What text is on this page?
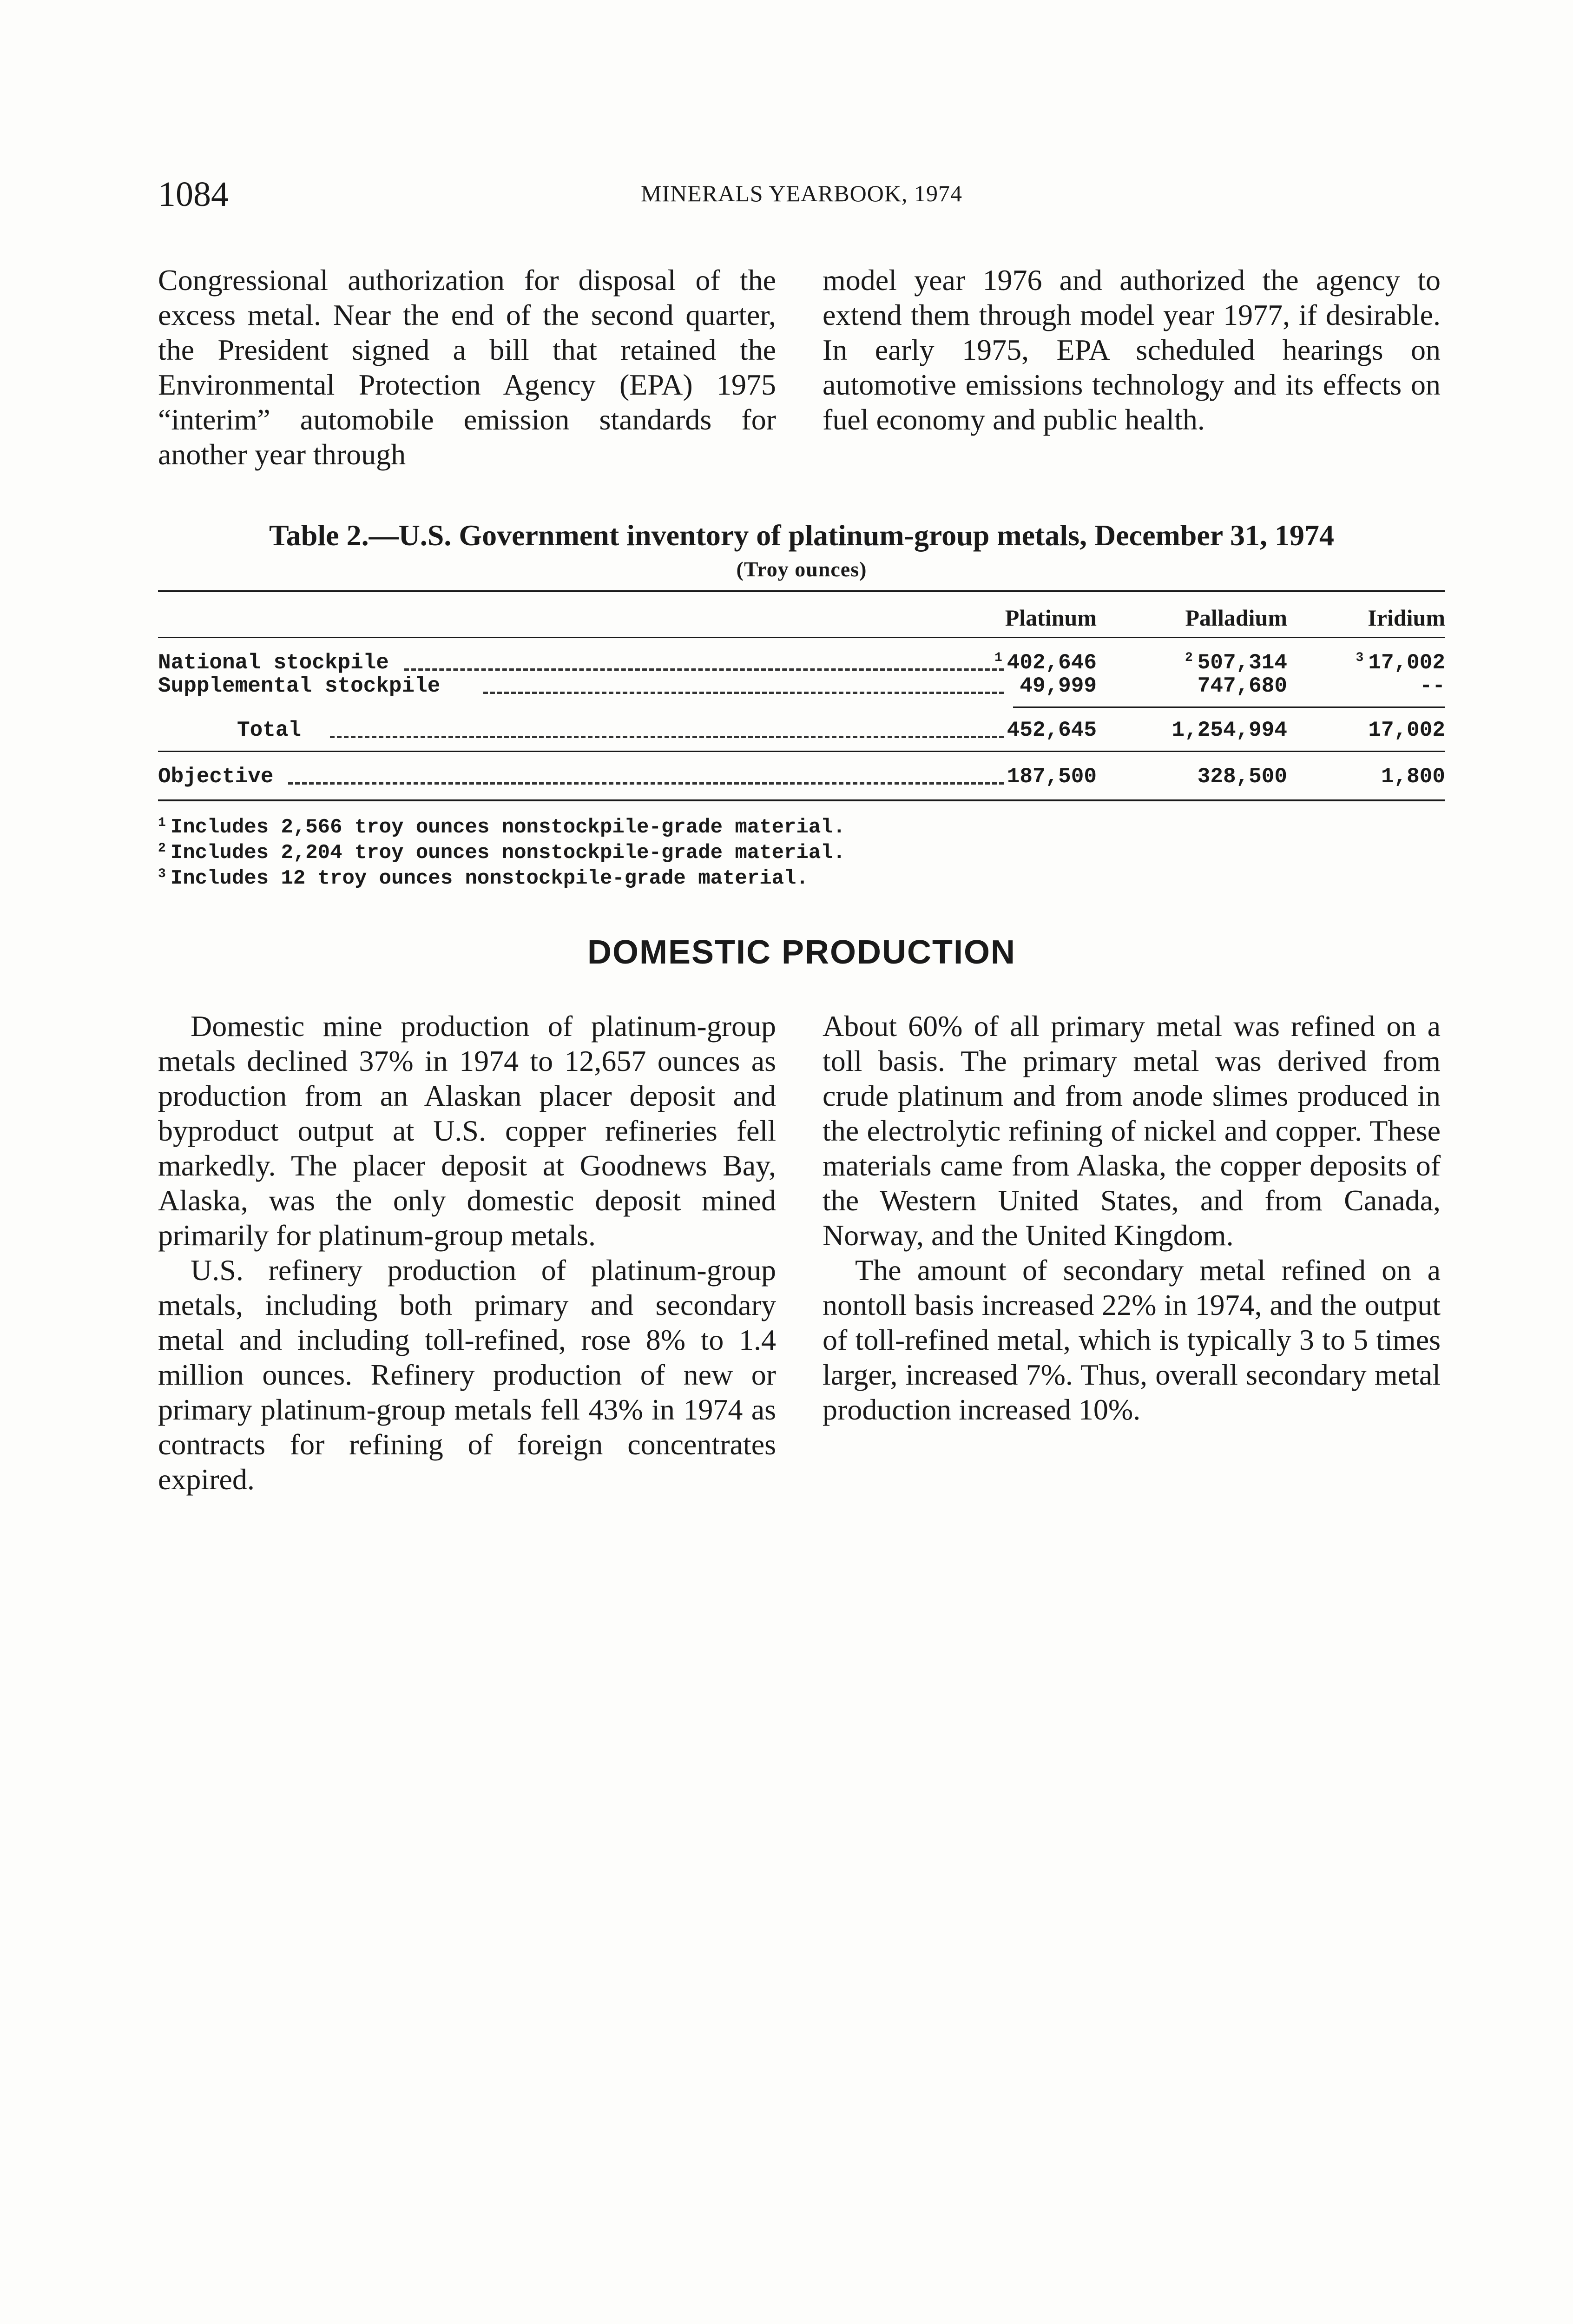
1084	MINERALS YEARBOOK, 1974

Congressional authorization for disposal of the excess metal. Near the end of the second quarter, the President signed a bill that retained the Environmental Protection Agency (EPA) 1975 “interim” automobile emission standards for another year through

model year 1976 and authorized the agency to extend them through model year 1977, if desirable. In early 1975, EPA scheduled hearings on automotive emissions technology and its effects on fuel economy and public health.

Table 2.—U.S. Government inventory of platinum-group metals, December 31, 1974
(Troy ounces)
Platinum	Palladium	Iridium
National stockpile	$^1$ 402,646	$^2$ 507,314	$^3$ 17,002
Supplemental stockpile	49,999	747,680	--
Total	452,645	1,254,994	17,002
Objective	187,500	328,500	1,800
$^1$ Includes 2,566 troy ounces nonstockpile-grade material.
$^2$ Includes 2,204 troy ounces nonstockpile-grade material.
$^3$ Includes 12 troy ounces nonstockpile-grade material.
DOMESTIC PRODUCTION

Domestic mine production of platinum-group metals declined 37% in 1974 to 12,657 ounces as production from an Alaskan placer deposit and byproduct output at U.S. copper refineries fell markedly. The placer deposit at Goodnews Bay, Alaska, was the only domestic deposit mined primarily for platinum-group metals.

U.S. refinery production of platinum-group metals, including both primary and secondary metal and including toll-refined, rose 8% to 1.4 million ounces. Refinery production of new or primary platinum-group metals fell 43% in 1974 as contracts for refining of foreign concentrates expired.

About 60% of all primary metal was refined on a toll basis. The primary metal was derived from crude platinum and from anode slimes produced in the electrolytic refining of nickel and copper. These materials came from Alaska, the copper deposits of the Western United States, and from Canada, Norway, and the United Kingdom.

The amount of secondary metal refined on a nontoll basis increased 22% in 1974, and the output of toll-refined metal, which is typically 3 to 5 times larger, increased 7%. Thus, overall secondary metal production increased 10%.
